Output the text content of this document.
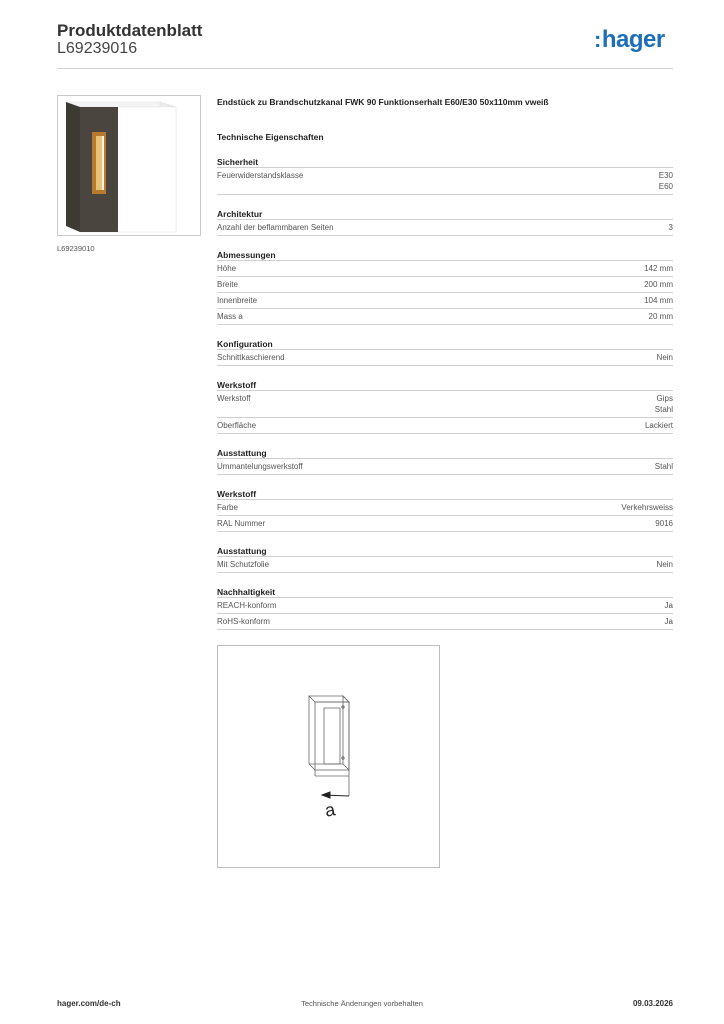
Produktdatenblatt
L69239016	:hager
L69239010
Endstück zu Brandschutzkanal FWK 90 Funktionserhalt E60/E30 50x110mm vweiß
Technische Eigenschaften
Sicherheit
Feuerwiderstandsklasse	E30
E60
Architektur
Anzahl der beflammbaren Seiten	3
Abmessungen
Höhe	142 mm
Breite	200 mm
Innenbreite	104 mm
Mass a	20 mm
Konfiguration
Schnittkaschierend	Nein
Werkstoff
Werkstoff	Gips
Stahl
Oberfläche	Lackiert
Ausstattung
Ummantelungswerkstoff	Stahl
Werkstoff
Farbe	Verkehrsweiss
RAL Nummer	9016
Ausstattung
Mit Schutzfolie	Nein
Nachhaltigkeit
REACH-konform	Ja
RoHS-konform	Ja
a
hager.com/de-ch	Technische Änderungen vorbehalten	09.03.2026
